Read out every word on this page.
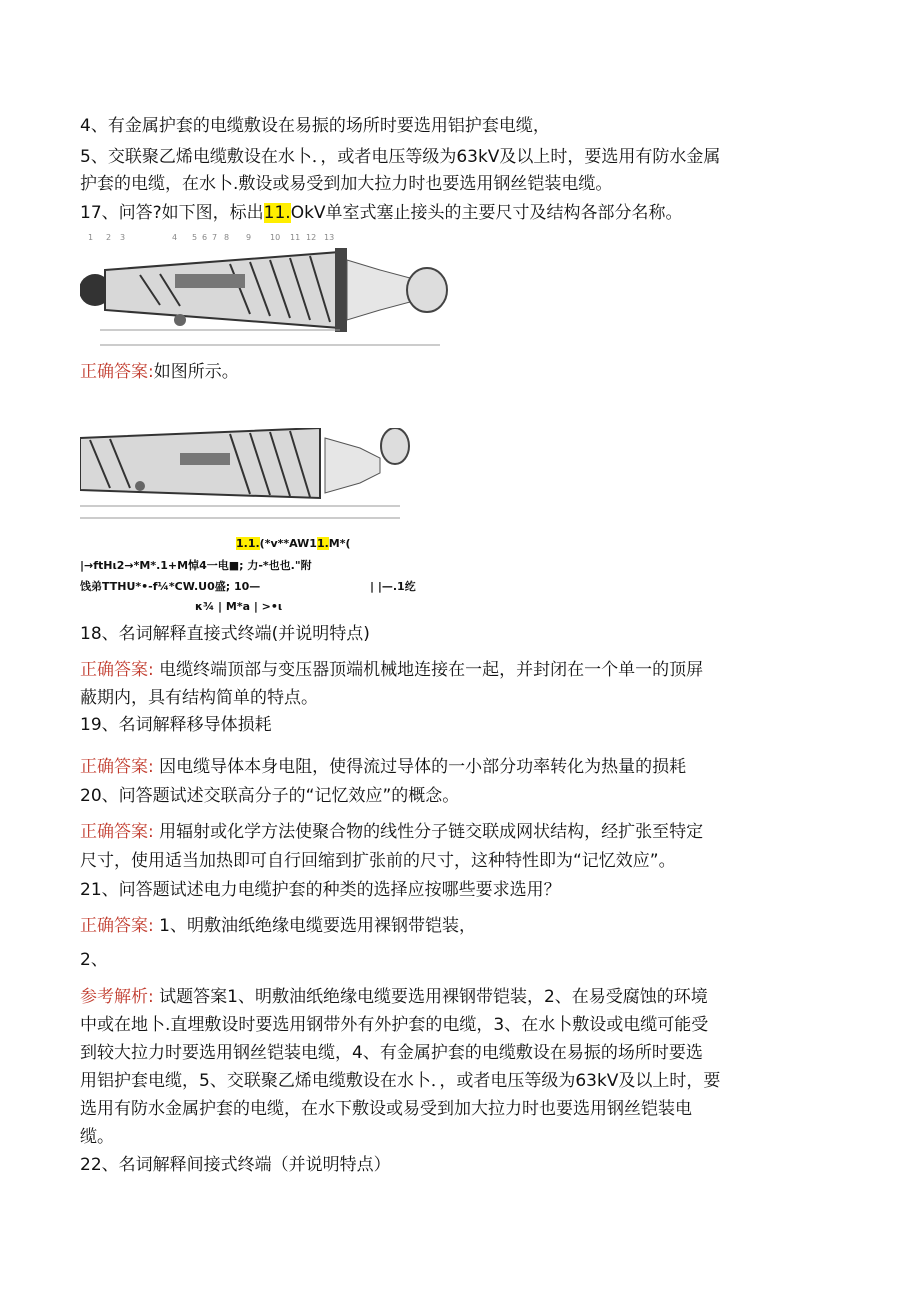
4、有金属护套的电缆敷设在易振的场所时要选用铝护套电缆，
5、交联聚乙烯电缆敷设在水卜．，或者电压等级为63kV及以上时，要选用有防水金属
护套的电缆，在水卜.敷设或易受到加大拉力时也要选用钢丝铠装电缆。
17、问答?如下图，标出11.OkV单室式塞止接头的主要尺寸及结构各部分名称。
1 2 3	4 5 6 7 8 9 10 11 12 13
正确答案:如图所示。
1.1.(*v**AW11.M*(
|→ftHι2→*M*.1+M悼4一电■; 力-*也也."附
饯弟TTHU*•-f¼*CW.U0盛; 10—	| |—.1纥
κ¾ | M*a | >•ι
18、名词解释直接式终端(并说明特点)
正确答案: 电缆终端顶部与变压器顶端机械地连接在一起，并封闭在一个单一的顶屏
蔽期内，具有结构简单的特点。
19、名词解释移导体损耗
正确答案: 因电缆导体本身电阻，使得流过导体的一小部分功率转化为热量的损耗
20、问答题试述交联高分子的“记忆效应”的概念。
正确答案: 用辐射或化学方法使聚合物的线性分子链交联成网状结构，经扩张至特定
尺寸，使用适当加热即可自行回缩到扩张前的尺寸，这种特性即为“记忆效应”。
21、问答题试述电力电缆护套的种类的选择应按哪些要求选用？
正确答案: 1、明敷油纸绝缘电缆要选用裸钢带铠装，
2、
参考解析: 试题答案1、明敷油纸绝缘电缆要选用裸钢带铠装，2、在易受腐蚀的环境
中或在地卜.直埋敷设时要选用钢带外有外护套的电缆，3、在水卜敷设或电缆可能受
到较大拉力时要选用钢丝铠装电缆，4、有金属护套的电缆敷设在易振的场所时要选
用铝护套电缆，5、交联聚乙烯电缆敷设在水卜．，或者电压等级为63kV及以上时，要
选用有防水金属护套的电缆，在水下敷设或易受到加大拉力时也要选用钢丝铠装电
缆。
22、名词解释间接式终端（并说明特点）
